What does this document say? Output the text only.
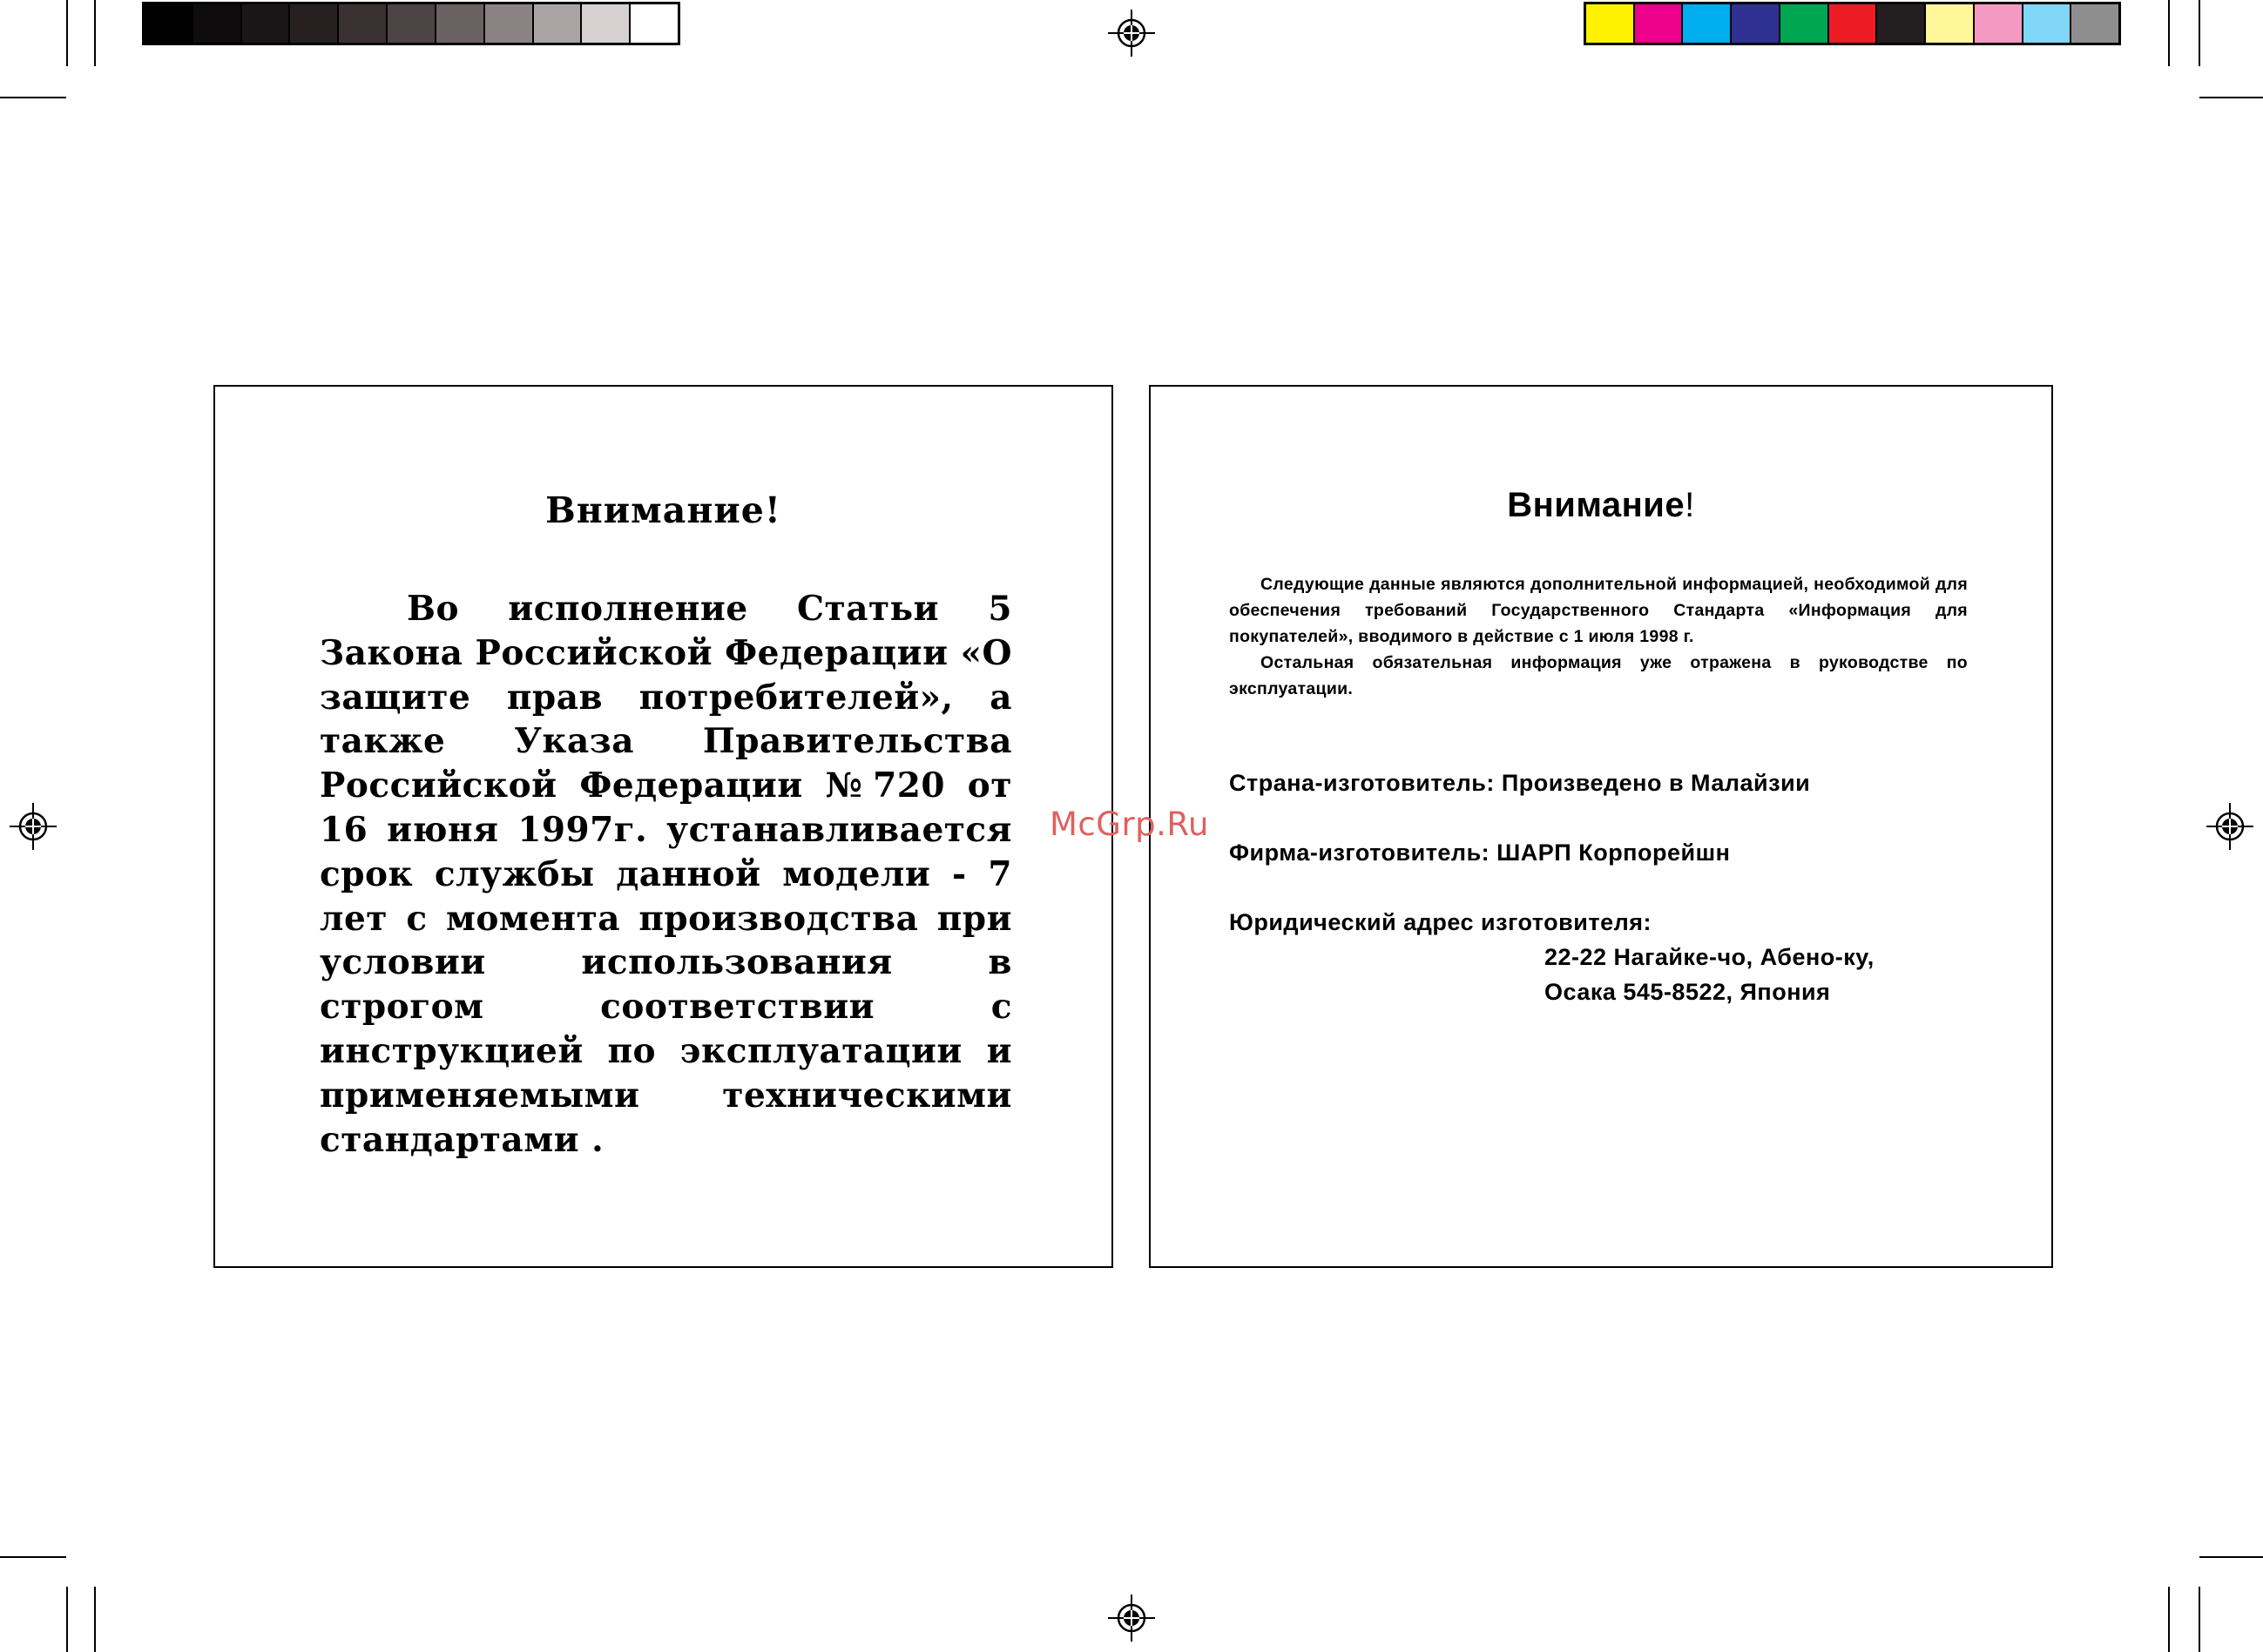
Внимание!
Во исполнение Статьи 5 Закона Российской Федерации «О защите прав потребителей», а также Указа Правительства Российской Федерации №720 от 16 июня 1997г. устанавливается срок службы данной модели - 7 лет с момента производства при условии использования в строгом соответствии с инструкцией по эксплуатации и применяемыми техническими стандартами .
Внимание!

Следующие данные являются дополнительной информацией, необходимой для обеспечения требований Государственного Стандарта «Информация для покупателей», вводимого в действие с 1 июля 1998 г.

Остальная обязательная информация уже отражена в руководстве по эксплуатации.

Страна-изготовитель: Произведено в Малайзии
Фирма-изготовитель: ШАРП Корпорейшн
Юридический адрес изготовителя:
22-22 Нагайке-чо, Абено-ку,
Осака 545-8522, Япония
McGrp.Ru
